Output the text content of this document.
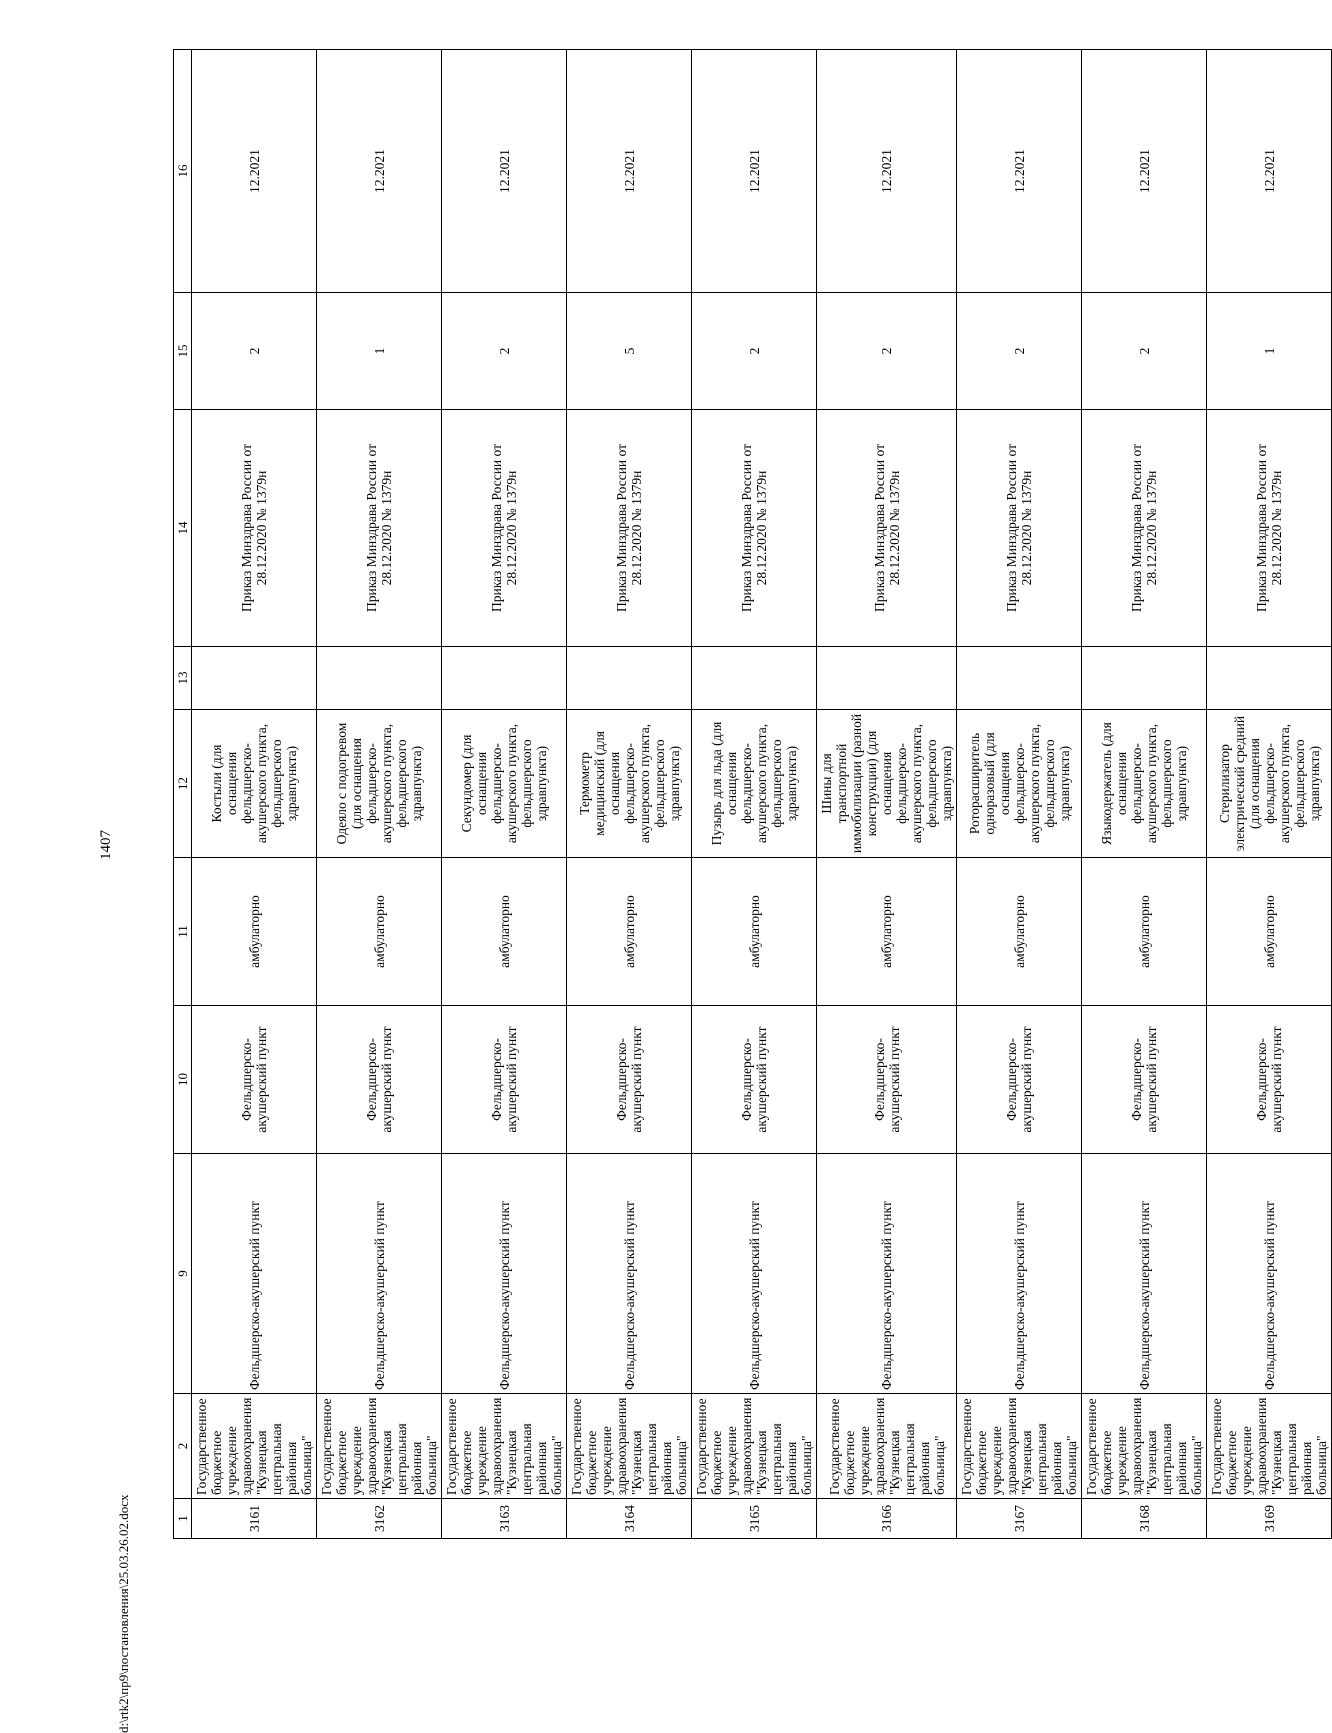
1407
1	2	9	10	11	12	13	14	15	16
3161	Государственное бюджетное учреждение здравоохранения "Кузнецкая центральная районная больница"	Фельдшерско-акушерский пункт	Фельдшерско-акушерский пункт	амбулаторно	Костыли (для оснащения фельдшерско-акушерского пункта, фельдшерского здравпункта)		Приказ Минздрава России от 28.12.2020 № 1379н	2	12.2021
3162	Государственное бюджетное учреждение здравоохранения "Кузнецкая центральная районная больница"	Фельдшерско-акушерский пункт	Фельдшерско-акушерский пункт	амбулаторно	Одеяло с подогревом (для оснащения фельдшерско-акушерского пункта, фельдшерского здравпункта)		Приказ Минздрава России от 28.12.2020 № 1379н	1	12.2021
3163	Государственное бюджетное учреждение здравоохранения "Кузнецкая центральная районная больница"	Фельдшерско-акушерский пункт	Фельдшерско-акушерский пункт	амбулаторно	Секундомер (для оснащения фельдшерско-акушерского пункта, фельдшерского здравпункта)		Приказ Минздрава России от 28.12.2020 № 1379н	2	12.2021
3164	Государственное бюджетное учреждение здравоохранения "Кузнецкая центральная районная больница"	Фельдшерско-акушерский пункт	Фельдшерско-акушерский пункт	амбулаторно	Термометр медицинский (для оснащения фельдшерско-акушерского пункта, фельдшерского здравпункта)		Приказ Минздрава России от 28.12.2020 № 1379н	5	12.2021
3165	Государственное бюджетное учреждение здравоохранения "Кузнецкая центральная районная больница"	Фельдшерско-акушерский пункт	Фельдшерско-акушерский пункт	амбулаторно	Пузырь для льда (для оснащения фельдшерско-акушерского пункта, фельдшерского здравпункта)		Приказ Минздрава России от 28.12.2020 № 1379н	2	12.2021
3166	Государственное бюджетное учреждение здравоохранения "Кузнецкая центральная районная больница"	Фельдшерско-акушерский пункт	Фельдшерско-акушерский пункт	амбулаторно	Шины для транспортной иммобилизации (разной конструкции) (для оснащения фельдшерско-акушерского пункта, фельдшерского здравпункта)		Приказ Минздрава России от 28.12.2020 № 1379н	2	12.2021
3167	Государственное бюджетное учреждение здравоохранения "Кузнецкая центральная районная больница"	Фельдшерско-акушерский пункт	Фельдшерско-акушерский пункт	амбулаторно	Роторасширитель одноразовый (для оснащения фельдшерско-акушерского пункта, фельдшерского здравпункта)		Приказ Минздрава России от 28.12.2020 № 1379н	2	12.2021
3168	Государственное бюджетное учреждение здравоохранения "Кузнецкая центральная районная больница"	Фельдшерско-акушерский пункт	Фельдшерско-акушерский пункт	амбулаторно	Языкодержатель (для оснащения фельдшерско-акушерского пункта, фельдшерского здравпункта)		Приказ Минздрава России от 28.12.2020 № 1379н	2	12.2021
3169	Государственное бюджетное учреждение здравоохранения "Кузнецкая центральная районная больница"	Фельдшерско-акушерский пункт	Фельдшерско-акушерский пункт	амбулаторно	Стерилизатор электрический средний (для оснащения фельдшерско-акушерского пункта, фельдшерского здравпункта)		Приказ Минздрава России от 28.12.2020 № 1379н	1	12.2021
d:\rtk2\пр9\постановления\25.03.26.02.docx
